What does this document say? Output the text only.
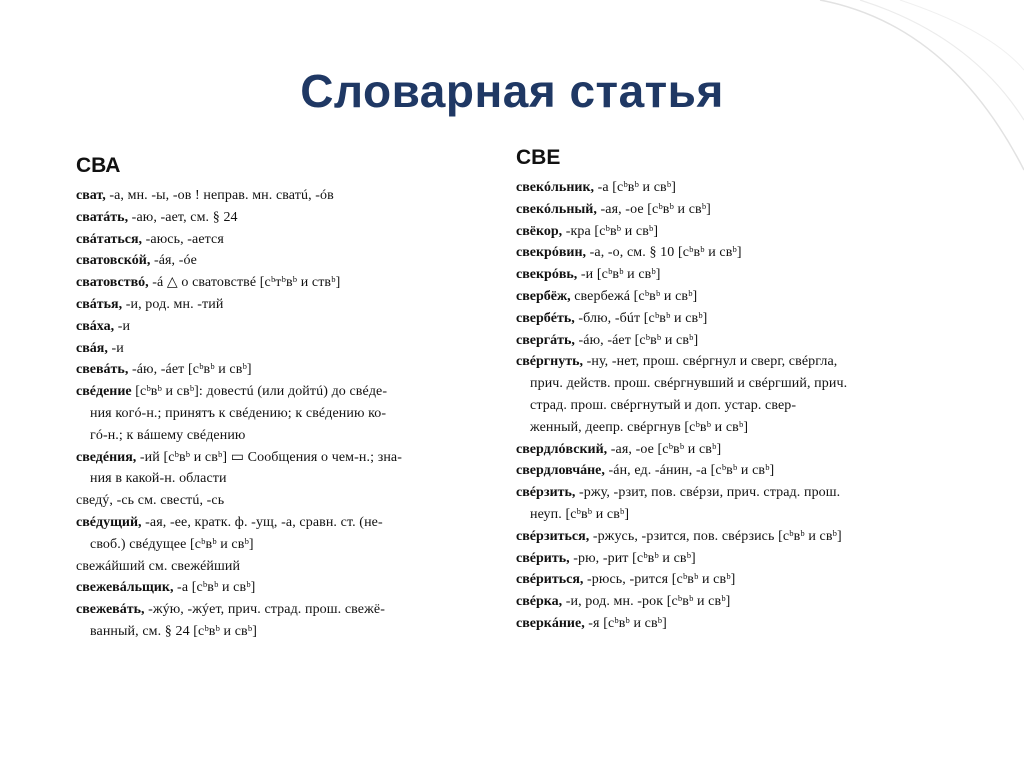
Словарная статья
СВА
сват, -а, мн. -ы, -ов ! неправ. мн. сватú, -óв
сватáть, -аю, -ает, см. § 24
свáтаться, -аюсь, -ается
сватовскóй, -áя, -óе
сватовствó, -á △ о сватовствé [сᵇтᵇвᵇ и ствᵇ]
свáтья, -и, род. мн. -тий
свáха, -и
свáя, -и
свевáть, -áю, -áет [сᵇвᵇ и свᵇ]
свéдение [сᵇвᵇ и свᵇ]: довестú (или дойтú) до свéде-
ния когó-н.; принятъ к свéдению; к свéдению ко-
гó-н.; к вáшему свéдению
сведéния, -ий [сᵇвᵇ и свᵇ] ▭ Сообщения о чем-н.; зна-
ния в какой-н. области
сведý, -сь см. свестú, -сь
свéдущий, -ая, -ее, кратк. ф. -ущ, -а, сравн. ст. (не-
своб.) свéдущее [сᵇвᵇ и свᵇ]
свежáйший см. свежéйший
свежевáльщик, -а [сᵇвᵇ и свᵇ]
свежевáть, -жýю, -жýет, прич. страд. прош. свежё-
ванный, см. § 24 [сᵇвᵇ и свᵇ]
СВЕ
свекóльник, -а [сᵇвᵇ и свᵇ]
свекóльный, -ая, -ое [сᵇвᵇ и свᵇ]
свёкор, -кра [сᵇвᵇ и свᵇ]
свекрóвин, -а, -о, см. § 10 [сᵇвᵇ и свᵇ]
свекрóвь, -и [сᵇвᵇ и свᵇ]
свербёж, свербежá [сᵇвᵇ и свᵇ]
свербéть, -блю, -бúт [сᵇвᵇ и свᵇ]
свергáть, -áю, -áет [сᵇвᵇ и свᵇ]
свéргнуть, -ну, -нет, прош. свéргнул и сверг, свéргла,
прич. действ. прош. свéргнувший и свéргший, прич.
страд. прош. свéргнутый и доп. устар. свер-
женный, деепр. свéргнув [сᵇвᵇ и свᵇ]
свердлóвский, -ая, -ое [сᵇвᵇ и свᵇ]
свердловчáне, -áн, ед. -áнин, -а [сᵇвᵇ и свᵇ]
свéрзить, -ржу, -рзит, пов. свéрзи, прич. страд. прош.
неуп. [сᵇвᵇ и свᵇ]
свéрзиться, -ржусь, -рзится, пов. свéрзись [сᵇвᵇ и свᵇ]
свéрить, -рю, -рит [сᵇвᵇ и свᵇ]
свéриться, -рюсь, -рится [сᵇвᵇ и свᵇ]
свéрка, -и, род. мн. -рок [сᵇвᵇ и свᵇ]
сверкáние, -я [сᵇвᵇ и свᵇ]
